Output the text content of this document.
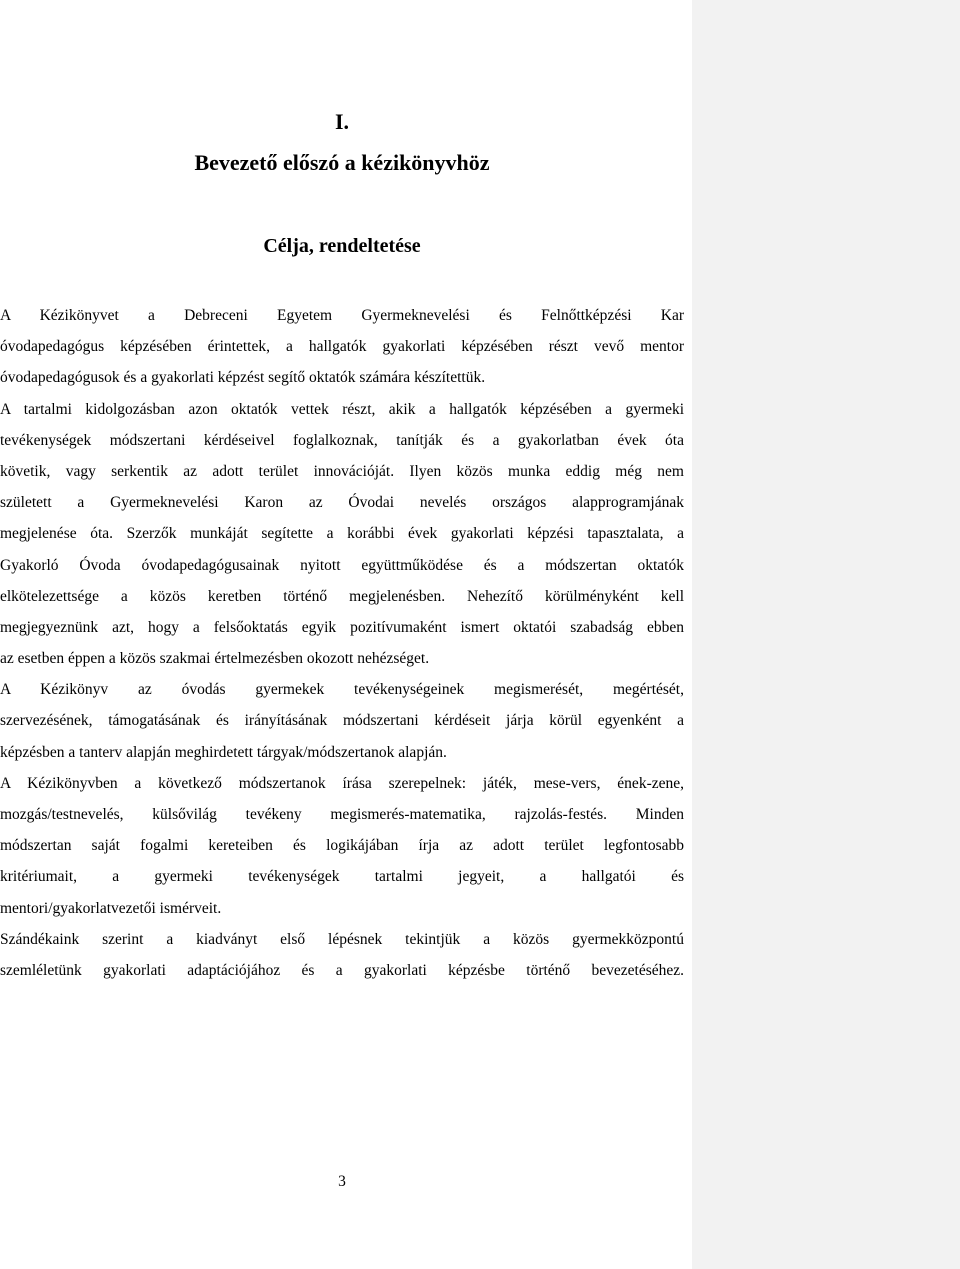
I.
Bevezető előszó a kézikönyvhöz
Célja, rendeltetése

A Kézikönyvet a Debreceni Egyetem Gyermeknevelési és Felnőttképzési Kar
óvodapedagógus képzésében érintettek, a hallgatók gyakorlati képzésében részt vevő mentor
óvodapedagógusok és a gyakorlati képzést segítő oktatók számára készítettük.

A tartalmi kidolgozásban azon oktatók vettek részt, akik a hallgatók képzésében a gyermeki
tevékenységek módszertani kérdéseivel foglalkoznak, tanítják és a gyakorlatban évek óta
követik, vagy serkentik az adott terület innovációját. Ilyen közös munka eddig még nem
született a Gyermeknevelési Karon az Óvodai nevelés országos alapprogramjának
megjelenése óta. Szerzők munkáját segítette a korábbi évek gyakorlati képzési tapasztalata, a
Gyakorló Óvoda óvodapedagógusainak nyitott együttműködése és a módszertan oktatók
elkötelezettsége a közös keretben történő megjelenésben. Nehezítő körülményként kell
megjegyeznünk azt, hogy a felsőoktatás egyik pozitívumaként ismert oktatói szabadság ebben
az esetben éppen a közös szakmai értelmezésben okozott nehézséget.

A Kézikönyv az óvodás gyermekek tevékenységeinek megismerését, megértését,
szervezésének, támogatásának és irányításának módszertani kérdéseit járja körül egyenként a
képzésben a tanterv alapján meghirdetett tárgyak/módszertanok alapján.

A Kézikönyvben a következő módszertanok írása szerepelnek: játék, mese-vers, ének-zene,
mozgás/testnevelés, külsővilág tevékeny megismerés-matematika, rajzolás-festés. Minden
módszertan saját fogalmi kereteiben és logikájában írja az adott terület legfontosabb
kritériumait, a gyermeki tevékenységek tartalmi jegyeit, a hallgatói és
mentori/gyakorlatvezetői ismérveit.

Szándékaink szerint a kiadványt első lépésnek tekintjük a közös gyermekközpontú
szemléletünk gyakorlati adaptációjához és a gyakorlati képzésbe történő bevezetéséhez.

3
